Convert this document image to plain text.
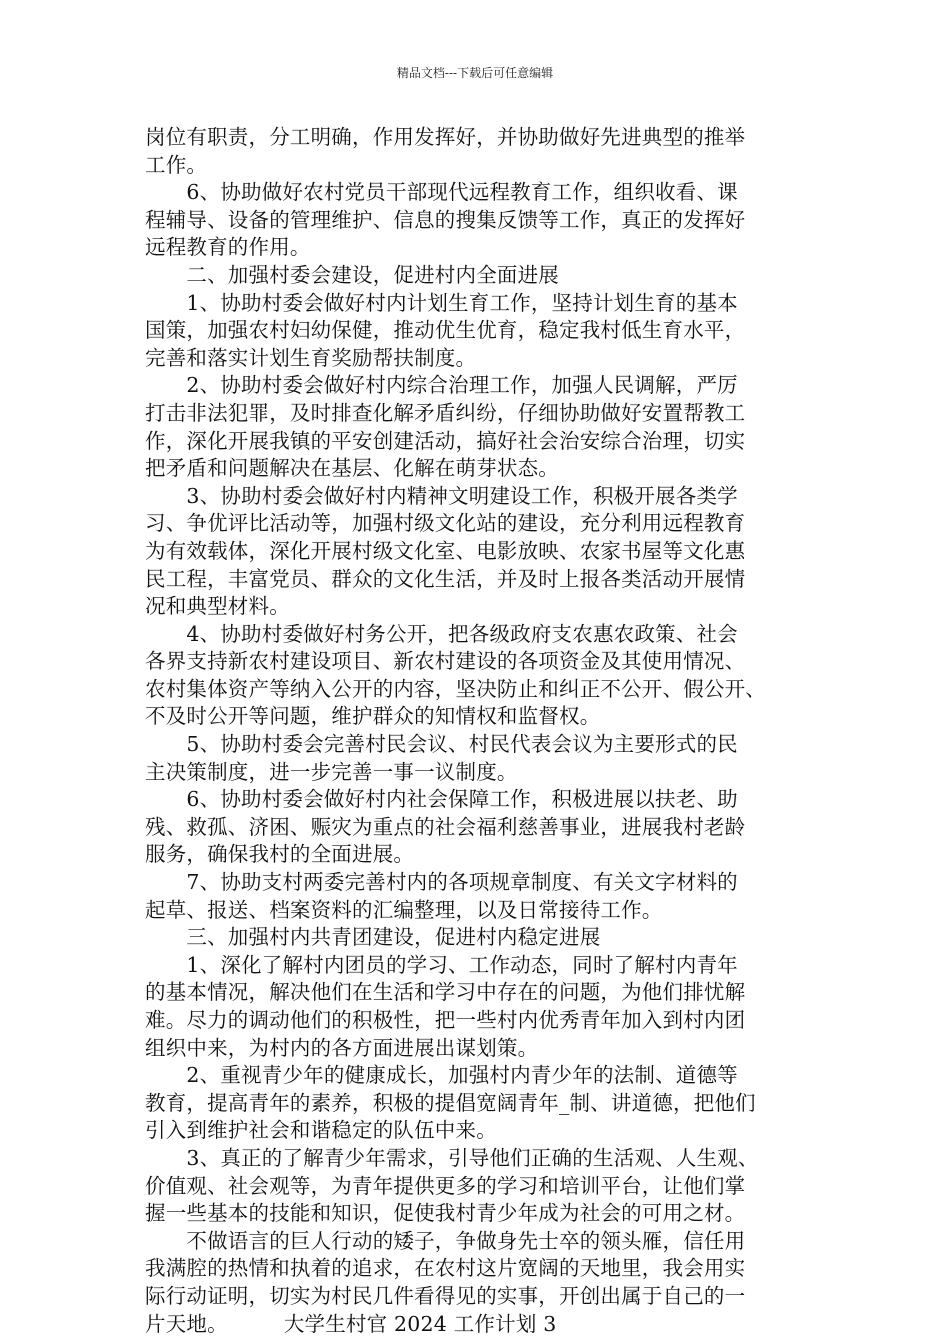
精品文档---下载后可任意编辑

岗位有职责，分工明确，作用发挥好，并协助做好先进典型的推举

工作。

　　6、协助做好农村党员干部现代远程教育工作，组织收看、课

程辅导、设备的管理维护、信息的搜集反馈等工作，真正的发挥好

远程教育的作用。

　　二、加强村委会建设，促进村内全面进展

　　1、协助村委会做好村内计划生育工作，坚持计划生育的基本

国策，加强农村妇幼保健，推动优生优育，稳定我村低生育水平，

完善和落实计划生育奖励帮扶制度。

　　2、协助村委会做好村内综合治理工作，加强人民调解，严厉

打击非法犯罪，及时排查化解矛盾纠纷，仔细协助做好安置帮教工

作，深化开展我镇的平安创建活动，搞好社会治安综合治理，切实

把矛盾和问题解决在基层、化解在萌芽状态。

　　3、协助村委会做好村内精神文明建设工作，积极开展各类学

习、争优评比活动等，加强村级文化站的建设，充分利用远程教育

为有效载体，深化开展村级文化室、电影放映、农家书屋等文化惠

民工程，丰富党员、群众的文化生活，并及时上报各类活动开展情

况和典型材料。

　　4、协助村委做好村务公开，把各级政府支农惠农政策、社会

各界支持新农村建设项目、新农村建设的各项资金及其使用情况、

农村集体资产等纳入公开的内容，坚决防止和纠正不公开、假公开、

不及时公开等问题，维护群众的知情权和监督权。

　　5、协助村委会完善村民会议、村民代表会议为主要形式的民

主决策制度，进一步完善一事一议制度。

　　6、协助村委会做好村内社会保障工作，积极进展以扶老、助

残、救孤、济困、赈灾为重点的社会福利慈善事业，进展我村老龄

服务，确保我村的全面进展。

　　7、协助支村两委完善村内的各项规章制度、有关文字材料的

起草、报送、档案资料的汇编整理，以及日常接待工作。

　　三、加强村内共青团建设，促进村内稳定进展

　　1、深化了解村内团员的学习、工作动态，同时了解村内青年

的基本情况，解决他们在生活和学习中存在的问题，为他们排忧解

难。尽力的调动他们的积极性，把一些村内优秀青年加入到村内团

组织中来，为村内的各方面进展出谋划策。

　　2、重视青少年的健康成长，加强村内青少年的法制、道德等

教育，提高青年的素养，积极的提倡宽阔青年_制、讲道德，把他们

引入到维护社会和谐稳定的队伍中来。

　　3、真正的了解青少年需求，引导他们正确的生活观、人生观、

价值观、社会观等，为青年提供更多的学习和培训平台，让他们掌

握一些基本的技能和知识，促使我村青少年成为社会的可用之材。

　　不做语言的巨人行动的矮子，争做身先士卒的领头雁，信任用

我满腔的热情和执着的追求，在农村这片宽阔的天地里，我会用实

际行动证明，切实为村民几件看得见的实事，开创出属于自己的一

片天地。	大学生村官 2024 工作计划 3
